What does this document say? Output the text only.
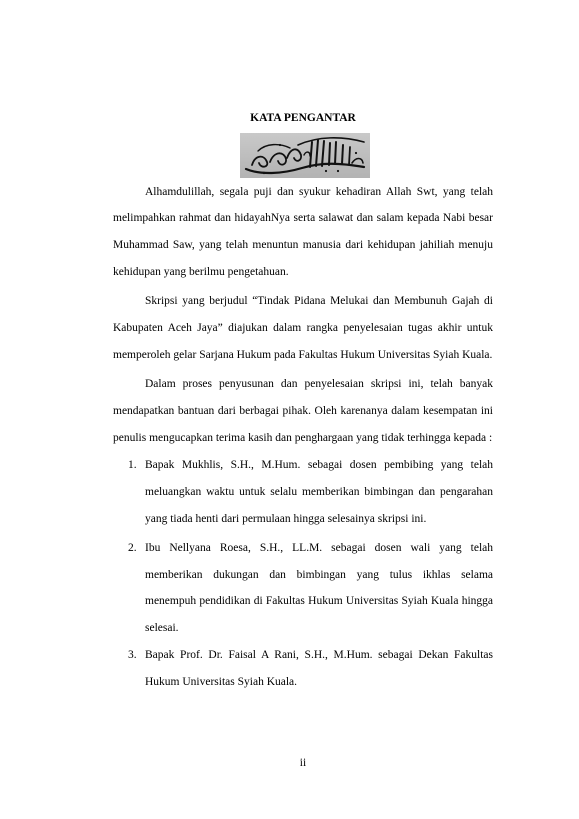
KATA PENGANTAR
Alhamdulillah, segala puji dan syukur kehadiran Allah Swt, yang telah
melimpahkan rahmat dan hidayahNya serta salawat dan salam kepada Nabi besar
Muhammad Saw, yang telah menuntun manusia dari kehidupan jahiliah menuju
kehidupan yang berilmu pengetahuan.
Skripsi yang berjudul “Tindak Pidana Melukai dan Membunuh Gajah di
Kabupaten Aceh Jaya” diajukan dalam rangka penyelesaian tugas akhir untuk
memperoleh gelar Sarjana Hukum pada Fakultas Hukum Universitas Syiah Kuala.
Dalam proses penyusunan dan penyelesaian skripsi ini, telah banyak
mendapatkan bantuan dari berbagai pihak. Oleh karenanya dalam kesempatan ini
penulis mengucapkan terima kasih dan penghargaan yang tidak terhingga kepada :
1. Bapak Mukhlis, S.H., M.Hum. sebagai dosen pembibing yang telah
meluangkan waktu untuk selalu memberikan bimbingan dan pengarahan
yang tiada henti dari permulaan hingga selesainya skripsi ini.
2. Ibu Nellyana Roesa, S.H., LL.M. sebagai dosen wali yang telah
memberikan dukungan dan bimbingan yang tulus ikhlas selama
menempuh pendidikan di Fakultas Hukum Universitas Syiah Kuala hingga
selesai.
3. Bapak Prof. Dr. Faisal A Rani, S.H., M.Hum. sebagai Dekan Fakultas
Hukum Universitas Syiah Kuala.
ii
